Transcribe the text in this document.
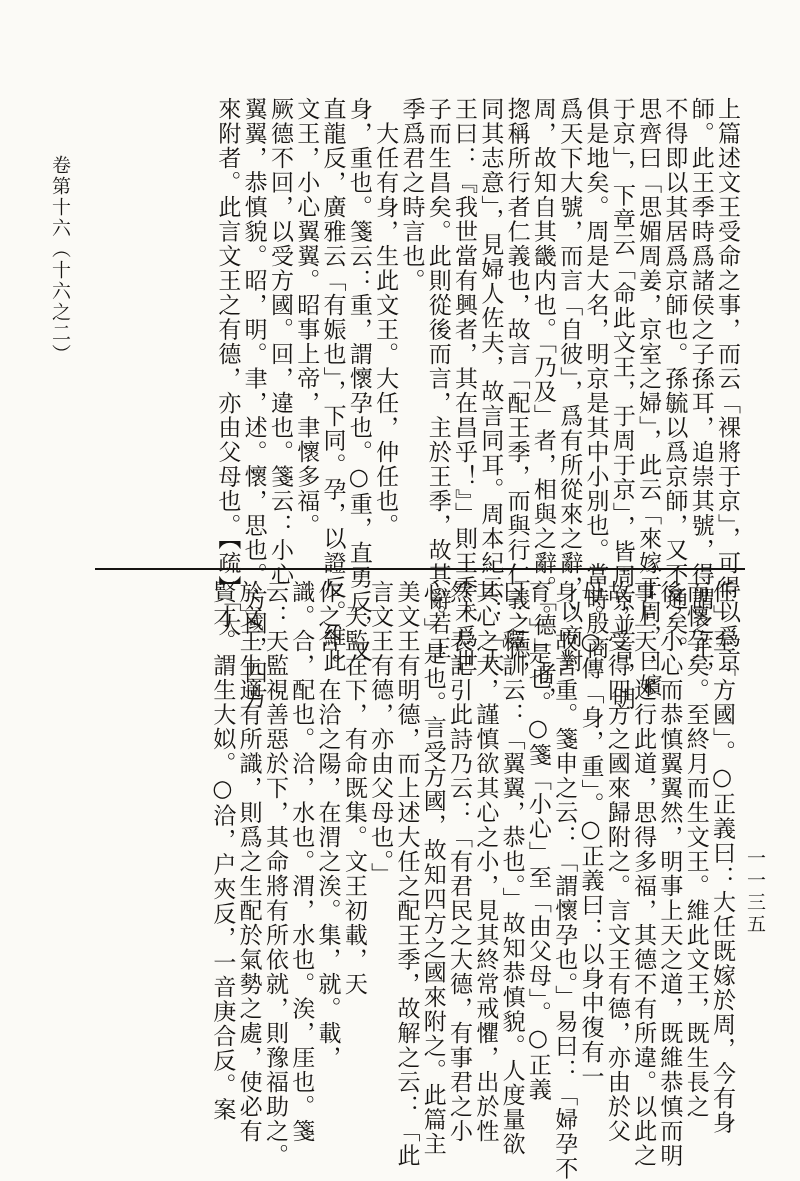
卷第十六（十六之二）	上篇述文王受命之事，而云「裸將于京」，可得以爲京
師。此王季時爲諸侯之子孫耳，追崇其號，得謂之王，
不得即以其居爲京師也。孫毓以爲京師，又不通矣。
思齊曰「思媚周姜，京室之婦」，此云「來嫁于周，曰嬪
于京」，下章云「命此文王，于周于京」，皆周京並言，明
俱是地矣。周是大名，明京是其中小別也。當時殷商
爲天下大號，而言「自彼」，爲有所從來之辭，以商對
周，故知自其畿内也。「乃及」者，相與之辭。「德」者，
揔稱所行者仁義也，故言「配王季，而與行仁義之德，
同其志意」，見婦人佐夫，故言同耳。周本紀云：「大
王曰：『我世當有興者，其在昌乎！』」則王季未爲世
子而生昌矣。此則從後而言，主於王季，故其辭若王
季爲君之時言也。
　大任有身，生此文王。大任，仲任也。
身，重也。箋云：重，謂懷孕也。○重，直勇反，又
直龍反，廣雅云「有娠也」，下同。孕，以證反。維此
文王，小心翼翼。昭事上帝，聿懷多福。
厥德不回，以受方國。回，違也。箋云：小心
翼翼，恭慎貌。昭，明。聿，述。懷，思也。方國，四方
來附者。此言文王之有德，亦由父母也。【疏】「大
任」至「方國」。○正義曰：大任既嫁於周，今有身
而懷孕矣。至終月而生文王。維此文王，既生長之
後，小心而恭慎翼翼然，明事上天之道，既維恭慎而明
事上天，述行此道，思得多福，其德不有所違。以此之
故，受得四方之國來歸附之。言文王有德，亦由於父
母。○傳「身，重」。○正義曰：以身中復有一
身，故言重。箋申之云：「謂懷孕也。」易曰：「婦孕不
育。」是也。○箋「小心」至「由父母」。○正義
曰：釋訓云：「翼翼，恭也。」故知恭慎貌。人度量欲
其心之大，謹慎欲其心之小，見其終常戒懼，出於性
然。表記引此詩乃云：「有君民之大德，有事君之小
心。」是也。言受方國，故知四方之國來附之。此篇主
美文王有明德，而上述大任之配王季，故解之云：「此
言文王有德，亦由父母也。」
　天監在下，有命既集。文王初載，天
作之合。在洽之陽，在渭之涘。集，就。載，
識。合，配也。洽，水也。渭，水也。涘，厓也。箋
云：天監視善惡於下，其命將有所依就，則豫福助之。
於文王生適有所識，則爲之生配於氣勢之處，使必有
賢才。謂生大姒。○洽，户夾反，一音庚合反。案	一一三五
